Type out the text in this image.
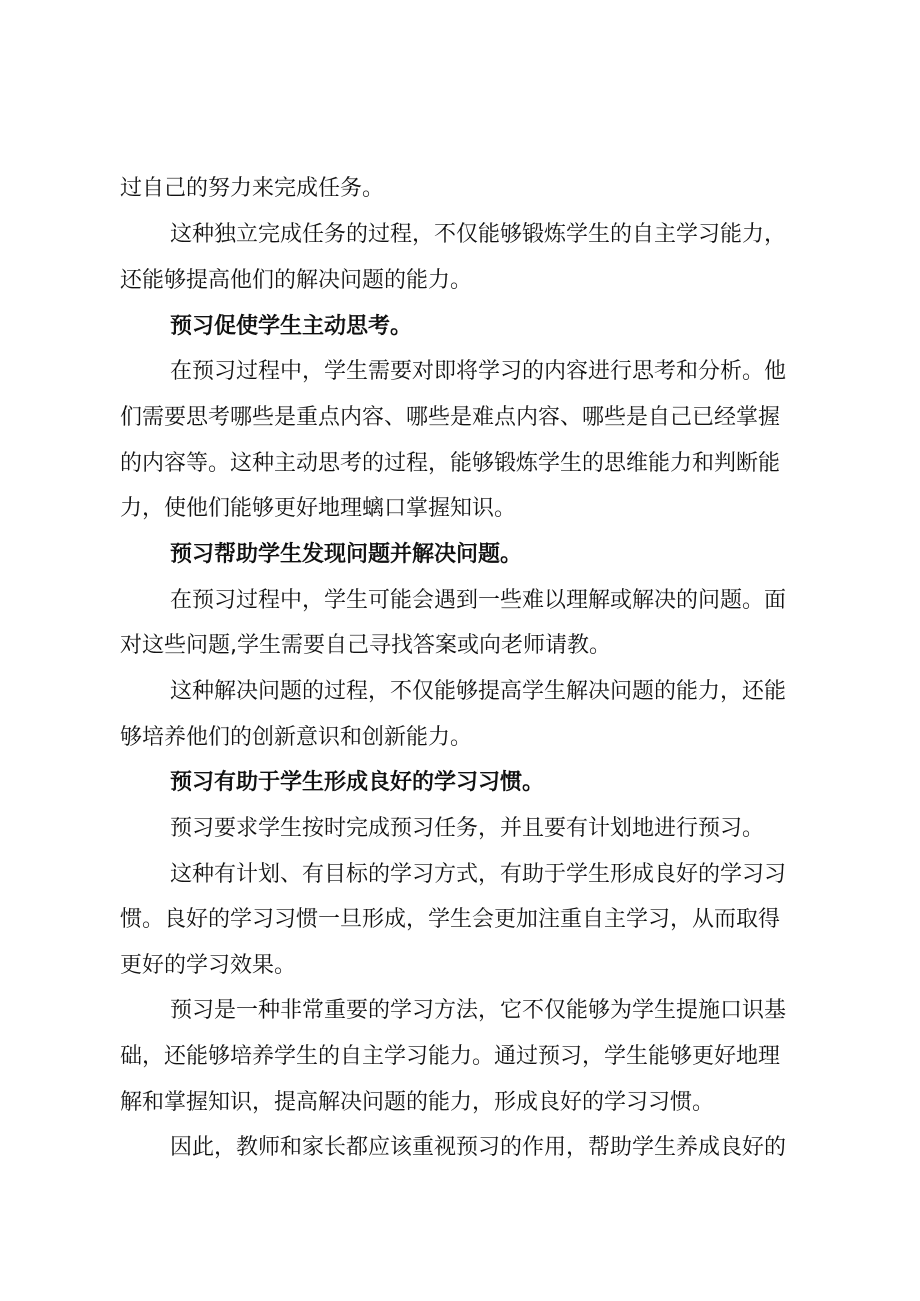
过自己的努力来完成任务。
这种独立完成任务的过程，不仅能够锻炼学生的自主学习能力，
还能够提高他们的解决问题的能力。
预习促使学生主动思考。
在预习过程中，学生需要对即将学习的内容进行思考和分析。他
们需要思考哪些是重点内容、哪些是难点内容、哪些是自己已经掌握
的内容等。这种主动思考的过程，能够锻炼学生的思维能力和判断能
力，使他们能够更好地理螭口掌握知识。
预习帮助学生发现问题并解决问题。
在预习过程中，学生可能会遇到一些难以理解或解决的问题。面
对这些问题,学生需要自己寻找答案或向老师请教。
这种解决问题的过程，不仅能够提高学生解决问题的能力，还能
够培养他们的创新意识和创新能力。
预习有助于学生形成良好的学习习惯。
预习要求学生按时完成预习任务，并且要有计划地进行预习。
这种有计划、有目标的学习方式，有助于学生形成良好的学习习
惯。良好的学习习惯一旦形成，学生会更加注重自主学习，从而取得
更好的学习效果。
预习是一种非常重要的学习方法，它不仅能够为学生提施口识基
础，还能够培养学生的自主学习能力。通过预习，学生能够更好地理
解和掌握知识，提高解决问题的能力，形成良好的学习习惯。
因此，教师和家长都应该重视预习的作用，帮助学生养成良好的
